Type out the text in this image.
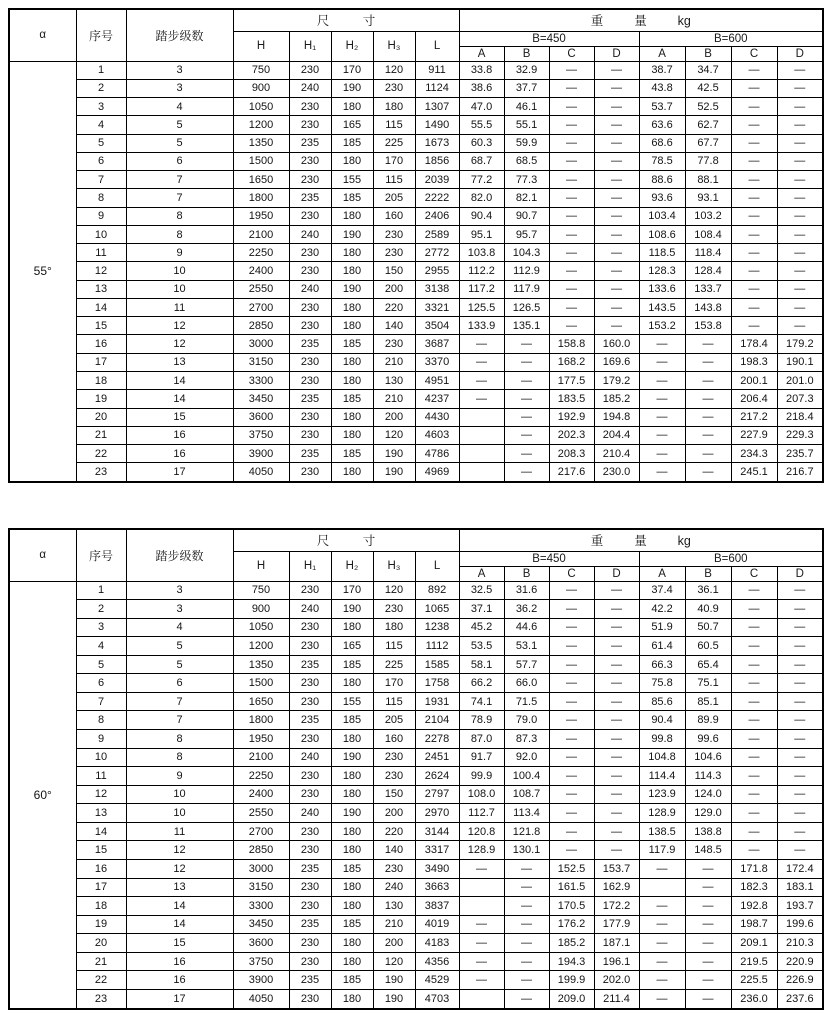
α	序号	踏步级数	尺 寸					重 量 kg							
			H	H₁	H₂	H₃	L	B=450				B=600			
								A	B	C	D	A	B	C	D
55°	1	3	750	230	170	120	911	33.8	32.9	—	—	38.7	34.7	—	—
	2	3	900	240	190	230	1124	38.6	37.7	—	—	43.8	42.5	—	—
	3	4	1050	230	180	180	1307	47.0	46.1	—	—	53.7	52.5	—	—
	4	5	1200	230	165	115	1490	55.5	55.1	—	—	63.6	62.7	—	—
	5	5	1350	235	185	225	1673	60.3	59.9	—	—	68.6	67.7	—	—
	6	6	1500	230	180	170	1856	68.7	68.5	—	—	78.5	77.8	—	—
	7	7	1650	230	155	115	2039	77.2	77.3	—	—	88.6	88.1	—	—
	8	7	1800	235	185	205	2222	82.0	82.1	—	—	93.6	93.1	—	—
	9	8	1950	230	180	160	2406	90.4	90.7	—	—	103.4	103.2	—	—
	10	8	2100	240	190	230	2589	95.1	95.7	—	—	108.6	108.4	—	—
	11	9	2250	230	180	230	2772	103.8	104.3	—	—	118.5	118.4	—	—
	12	10	2400	230	180	150	2955	112.2	112.9	—	—	128.3	128.4	—	—
	13	10	2550	240	190	200	3138	117.2	117.9	—	—	133.6	133.7	—	—
	14	11	2700	230	180	220	3321	125.5	126.5	—	—	143.5	143.8	—	—
	15	12	2850	230	180	140	3504	133.9	135.1	—	—	153.2	153.8	—	—
	16	12	3000	235	185	230	3687	—	—	158.8	160.0	—	—	178.4	179.2
	17	13	3150	230	180	210	3370	—	—	168.2	169.6	—	—	198.3	190.1
	18	14	3300	230	180	130	4951	—	—	177.5	179.2	—	—	200.1	201.0
	19	14	3450	235	185	210	4237	—	—	183.5	185.2	—	—	206.4	207.3
	20	15	3600	230	180	200	4430		—	192.9	194.8	—	—	217.2	218.4
	21	16	3750	230	180	120	4603		—	202.3	204.4	—	—	227.9	229.3
	22	16	3900	235	185	190	4786		—	208.3	210.4	—	—	234.3	235.7
	23	17	4050	230	180	190	4969		—	217.6	230.0	—	—	245.1	216.7
α	序号	踏步级数	尺 寸					重 量 kg							
			H	H₁	H₂	H₃	L	B=450				B=600			
								A	B	C	D	A	B	C	D
60°	1	3	750	230	170	120	892	32.5	31.6	—	—	37.4	36.1	—	—
	2	3	900	240	190	230	1065	37.1	36.2	—	—	42.2	40.9	—	—
	3	4	1050	230	180	180	1238	45.2	44.6	—	—	51.9	50.7	—	—
	4	5	1200	230	165	115	1112	53.5	53.1	—	—	61.4	60.5	—	—
	5	5	1350	235	185	225	1585	58.1	57.7	—	—	66.3	65.4	—	—
	6	6	1500	230	180	170	1758	66.2	66.0	—	—	75.8	75.1	—	—
	7	7	1650	230	155	115	1931	74.1	71.5	—	—	85.6	85.1	—	—
	8	7	1800	235	185	205	2104	78.9	79.0	—	—	90.4	89.9	—	—
	9	8	1950	230	180	160	2278	87.0	87.3	—	—	99.8	99.6	—	—
	10	8	2100	240	190	230	2451	91.7	92.0	—	—	104.8	104.6	—	—
	11	9	2250	230	180	230	2624	99.9	100.4	—	—	114.4	114.3	—	—
	12	10	2400	230	180	150	2797	108.0	108.7	—	—	123.9	124.0	—	—
	13	10	2550	240	190	200	2970	112.7	113.4	—	—	128.9	129.0	—	—
	14	11	2700	230	180	220	3144	120.8	121.8	—	—	138.5	138.8	—	—
	15	12	2850	230	180	140	3317	128.9	130.1	—	—	117.9	148.5	—	—
	16	12	3000	235	185	230	3490	—	—	152.5	153.7	—	—	171.8	172.4
	17	13	3150	230	180	240	3663		—	161.5	162.9		—	182.3	183.1
	18	14	3300	230	180	130	3837		—	170.5	172.2	—	—	192.8	193.7
	19	14	3450	235	185	210	4019	—	—	176.2	177.9	—	—	198.7	199.6
	20	15	3600	230	180	200	4183	—	—	185.2	187.1	—	—	209.1	210.3
	21	16	3750	230	180	120	4356	—	—	194.3	196.1	—	—	219.5	220.9
	22	16	3900	235	185	190	4529	—	—	199.9	202.0	—	—	225.5	226.9
	23	17	4050	230	180	190	4703		—	209.0	211.4	—	—	236.0	237.6
